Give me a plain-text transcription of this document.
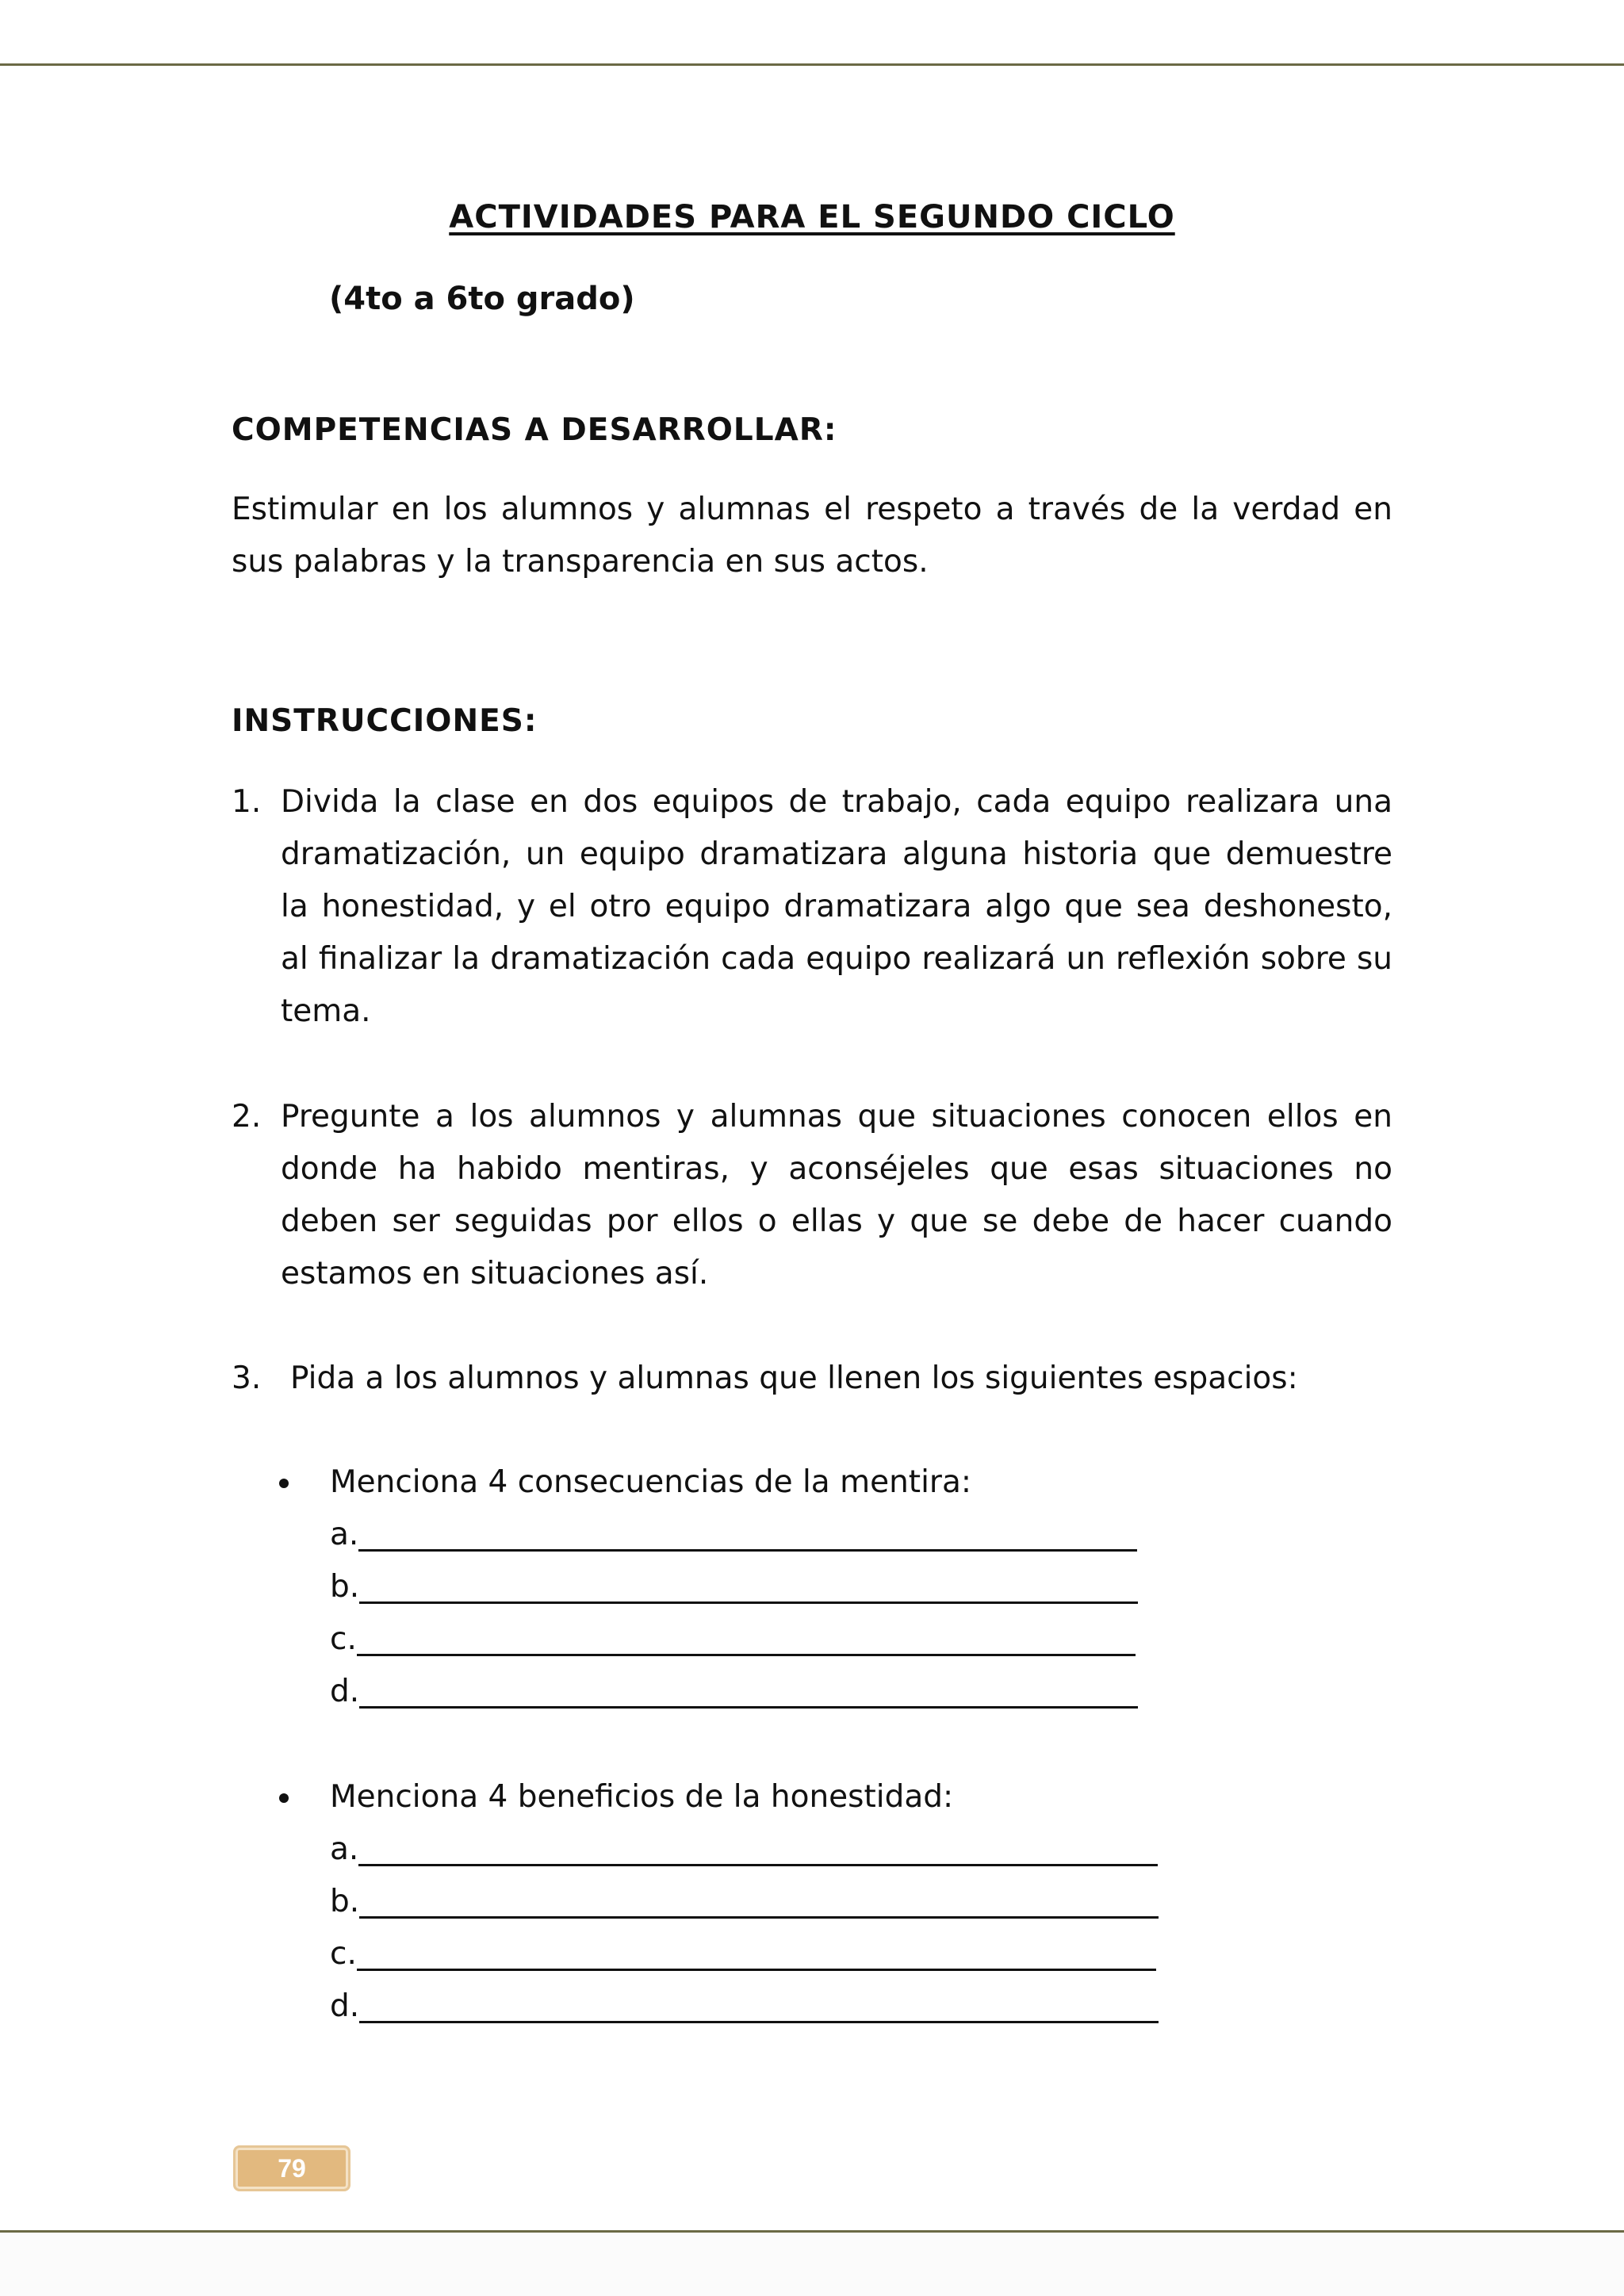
ACTIVIDADES PARA EL SEGUNDO CICLO
(4to a 6to grado)
COMPETENCIAS A DESARROLLAR:
Estimular en los alumnos y alumnas el respeto a través de la verdad en sus palabras y la transparencia en sus actos.
INSTRUCCIONES:
1. Divida la clase en dos equipos de trabajo, cada equipo realizara una dramatización, un equipo dramatizara alguna historia que demuestre la honestidad, y el otro equipo dramatizara algo que sea deshonesto, al finalizar la dramatización cada equipo realizará un reflexión sobre su tema.
2. Pregunte a los alumnos y alumnas que situaciones conocen ellos en donde ha habido mentiras, y aconséjeles que esas situaciones no deben ser seguidas por ellos o ellas y que se debe de hacer cuando estamos en situaciones así.
3. Pida a los alumnos y alumnas que llenen los siguientes espacios:
Menciona 4 consecuencias de la mentira:
a.
b.
c.
d.
Menciona 4 beneficios de la honestidad:
a.
b.
c.
d.
79
